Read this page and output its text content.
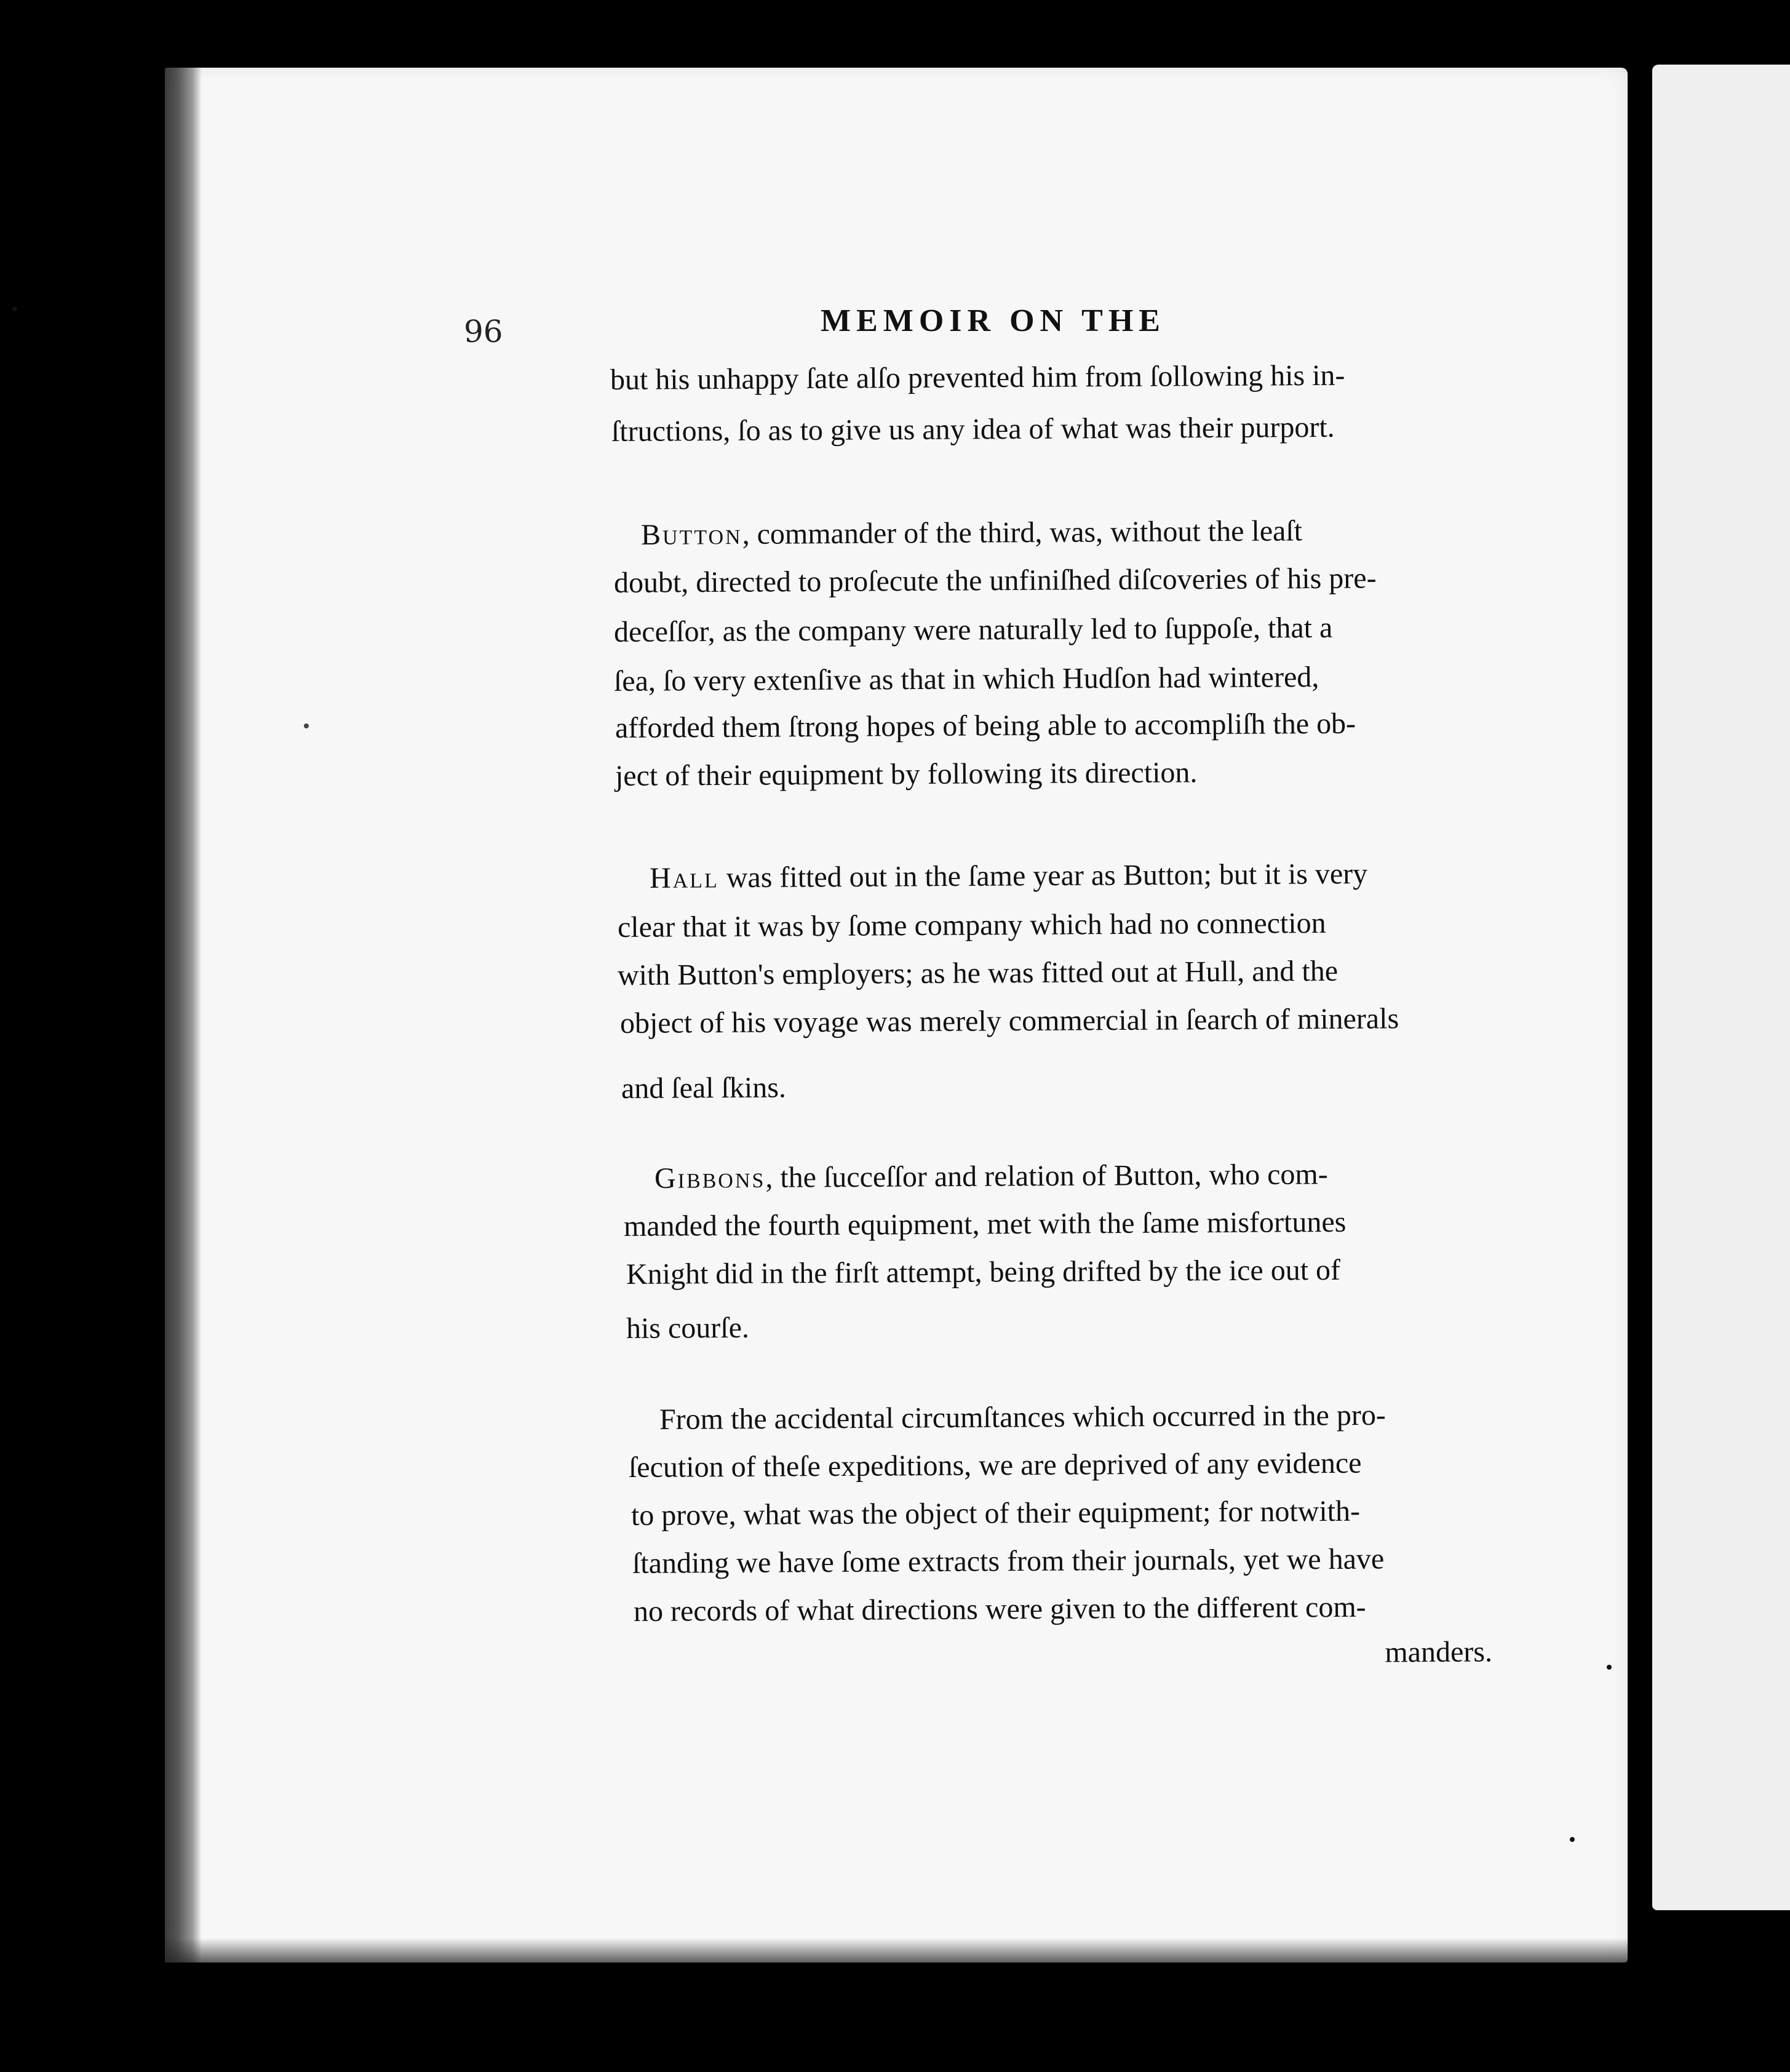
96	MEMOIR ON THE
but his unhappy ſate alſo prevented him from ſollowing his in-
ſtructions, ſo as to give us any idea of what was their purport.
Button, commander of the third, was, without the leaſt
doubt, directed to proſecute the unfiniſhed diſcoveries of his pre-
deceſſor, as the company were naturally led to ſuppoſe, that a
ſea, ſo very extenſive as that in which Hudſon had wintered,
afforded them ſtrong hopes of being able to accompliſh the ob-
ject of their equipment by following its direction.
Hall was fitted out in the ſame year as Button; but it is very
clear that it was by ſome company which had no connection
with Button's employers; as he was fitted out at Hull, and the
object of his voyage was merely commercial in ſearch of minerals
and ſeal ſkins.
Gibbons, the ſucceſſor and relation of Button, who com-
manded the fourth equipment, met with the ſame misfortunes
Knight did in the firſt attempt, being drifted by the ice out of
his courſe.
From the accidental circumſtances which occurred in the pro-
ſecution of theſe expeditions, we are deprived of any evidence
to prove, what was the object of their equipment; for notwith-
ſtanding we have ſome extracts from their journals, yet we have
no records of what directions were given to the different com-
manders.
